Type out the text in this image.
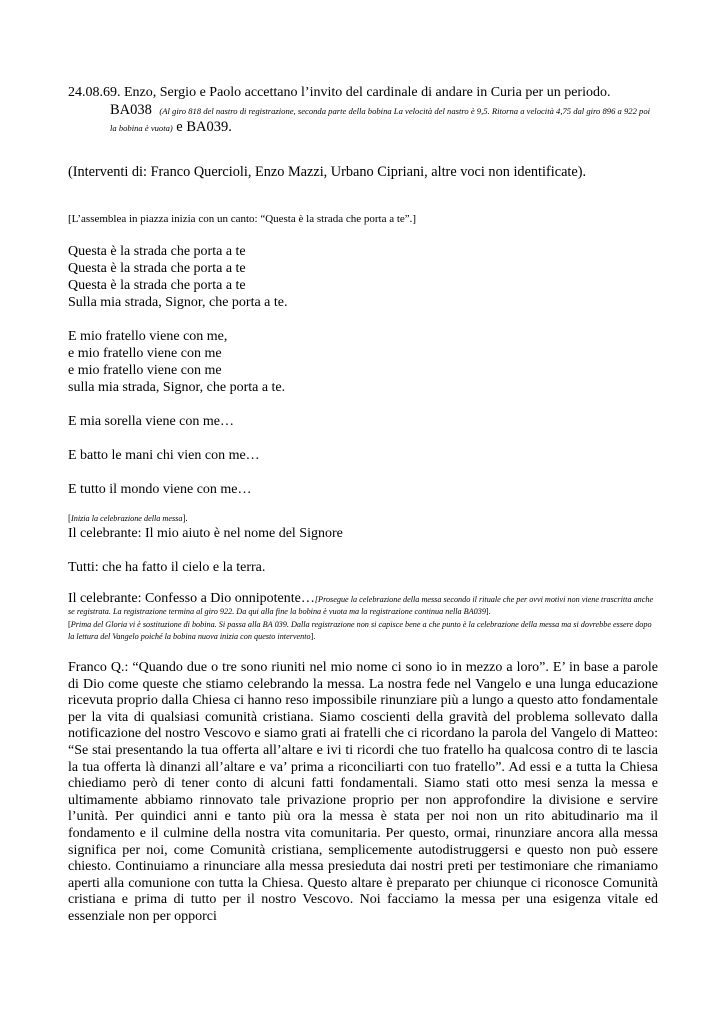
24.08.69. Enzo, Sergio e Paolo accettano l’invito del cardinale di andare in Curia per un periodo.

BA038 (Al giro 818 del nastro di registrazione, seconda parte della bobina La velocità del nastro è 9,5. Ritorna a velocità 4,75 dal giro 896 a 922 poi la bobina è vuota) e BA039.

(Interventi di: Franco Quercioli, Enzo Mazzi, Urbano Cipriani, altre voci non identificate).

[L’assemblea in piazza inizia con un canto: “Questa è la strada che porta a te”.]

Questa è la strada che porta a te

Questa è la strada che porta a te

Questa è la strada che porta a te

Sulla mia strada, Signor, che porta a te.

E mio fratello viene con me,

e mio fratello viene con me

e mio fratello viene con me

sulla mia strada, Signor, che porta a te.

E mia sorella viene con me…

E batto le mani chi vien con me…

E tutto il mondo viene con me…

[Inizia la celebrazione della messa].

Il celebrante: Il mio aiuto è nel nome del Signore

Tutti: che ha fatto il cielo e la terra.

Il celebrante: Confesso a Dio onnipotente…[Prosegue la celebrazione della messa secondo il rituale che per ovvi motivi non viene trascritta anche se registrata. La registrazione termina al giro 922. Da qui alla fine la bobina è vuota ma la registrazione continua nella BA039].

[Prima del Gloria vi è sostituzione di bobina. Si passa alla BA 039. Dalla registrazione non si capisce bene a che punto è la celebrazione della messa ma si dovrebbe essere dopo la lettura del Vangelo poiché la bobina nuova inizia con questo intervento].

Franco Q.: “Quando due o tre sono riuniti nel mio nome ci sono io in mezzo a loro”. E’ in base a parole di Dio come queste che stiamo celebrando la messa. La nostra fede nel Vangelo e una lunga educazione ricevuta proprio dalla Chiesa ci hanno reso impossibile rinunziare più a lungo a questo atto fondamentale per la vita di qualsiasi comunità cristiana. Siamo coscienti della gravità del problema sollevato dalla notificazione del nostro Vescovo e siamo grati ai fratelli che ci ricordano la parola del Vangelo di Matteo: “Se stai presentando la tua offerta all’altare e ivi ti ricordi che tuo fratello ha qualcosa contro di te lascia la tua offerta là dinanzi all’altare e va’ prima a riconciliarti con tuo fratello”. Ad essi e a tutta la Chiesa chiediamo però di tener conto di alcuni fatti fondamentali. Siamo stati otto mesi senza la messa e ultimamente abbiamo rinnovato tale privazione proprio per non approfondire la divisione e servire l’unità. Per quindici anni e tanto più ora la messa è stata per noi non un rito abitudinario ma il fondamento e il culmine della nostra vita comunitaria. Per questo, ormai, rinunziare ancora alla messa significa per noi, come Comunità cristiana, semplicemente autodistruggersi e questo non può essere chiesto. Continuiamo a rinunciare alla messa presieduta dai nostri preti per testimoniare che rimaniamo aperti alla comunione con tutta la Chiesa. Questo altare è preparato per chiunque ci riconosce Comunità cristiana e prima di tutto per il nostro Vescovo. Noi facciamo la messa per una esigenza vitale ed essenziale non per opporci
